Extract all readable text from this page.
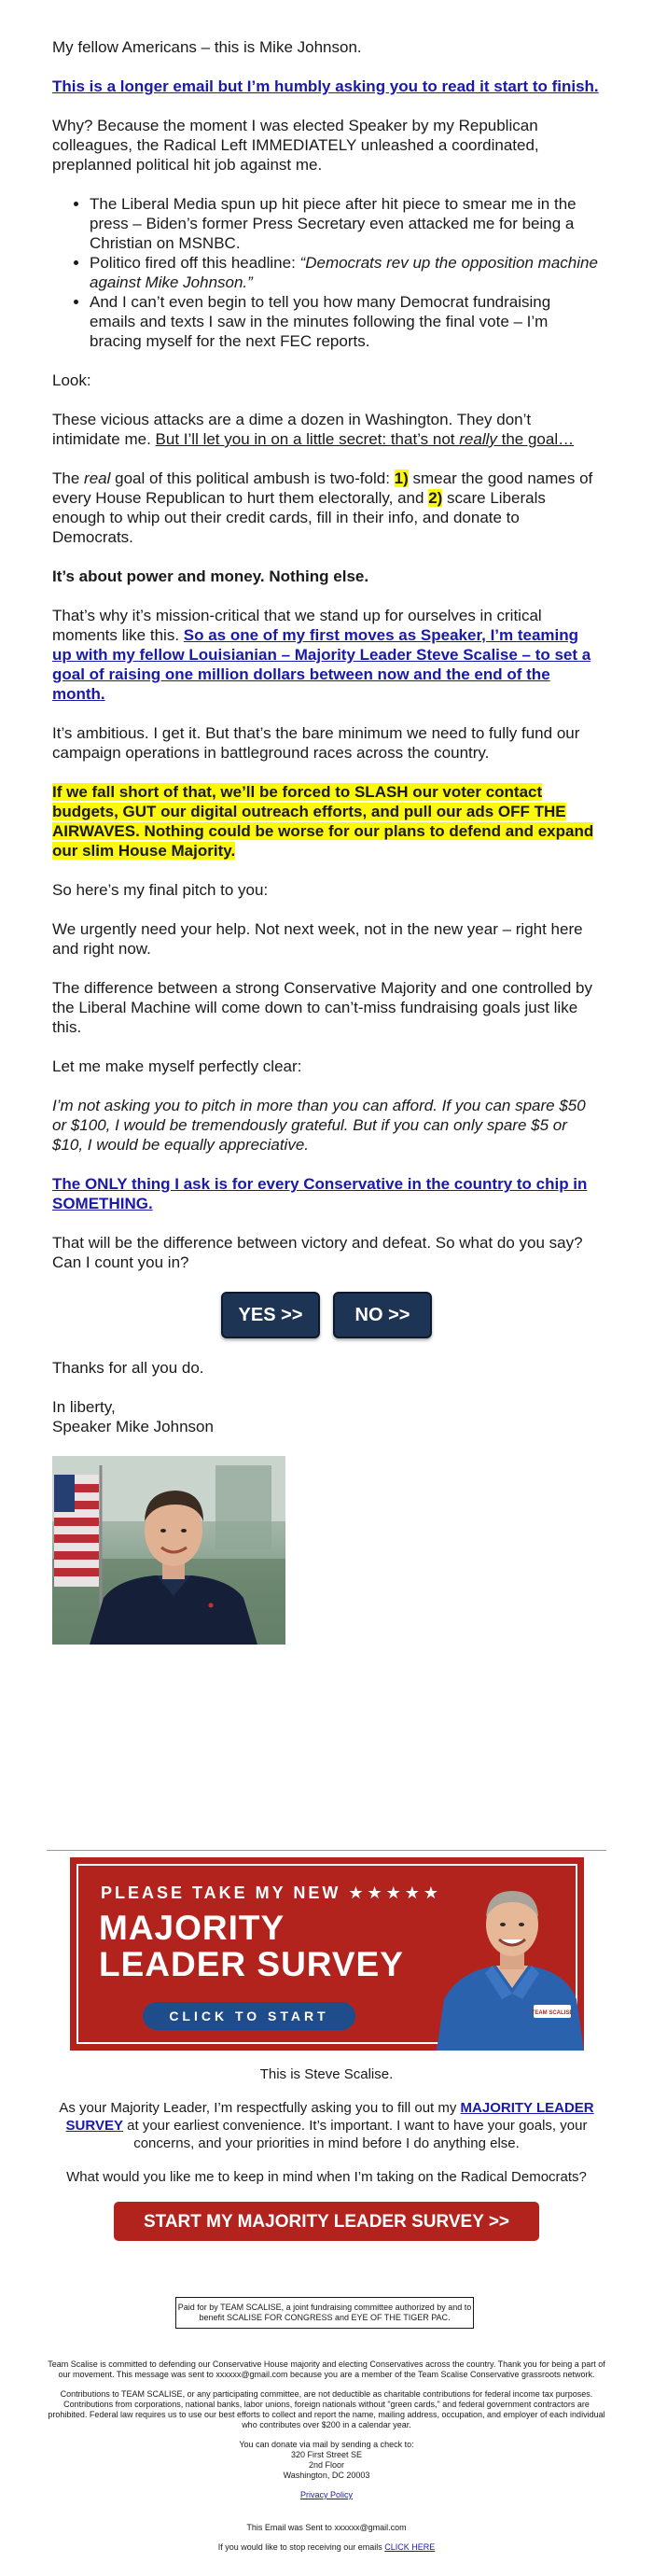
My fellow Americans – this is Mike Johnson.

This is a longer email but I’m humbly asking you to read it start to finish.

Why? Because the moment I was elected Speaker by my Republican colleagues, the Radical Left IMMEDIATELY unleashed a coordinated, preplanned political hit job against me.

• The Liberal Media spun up hit piece after hit piece to smear me in the press – Biden’s former Press Secretary even attacked me for being a Christian on MSNBC.
• Politico fired off this headline: “Democrats rev up the opposition machine against Mike Johnson.”
• And I can’t even begin to tell you how many Democrat fundraising emails and texts I saw in the minutes following the final vote – I’m bracing myself for the next FEC reports.

Look:

These vicious attacks are a dime a dozen in Washington. They don’t intimidate me. But I’ll let you in on a little secret: that’s not really the goal…

The real goal of this political ambush is two-fold: 1) smear the good names of every House Republican to hurt them electorally, and 2) scare Liberals enough to whip out their credit cards, fill in their info, and donate to Democrats.

It’s about power and money. Nothing else.

That’s why it’s mission-critical that we stand up for ourselves in critical moments like this. So as one of my first moves as Speaker, I’m teaming up with my fellow Louisianian – Majority Leader Steve Scalise – to set a goal of raising one million dollars between now and the end of the month.

It’s ambitious. I get it. But that’s the bare minimum we need to fully fund our campaign operations in battleground races across the country.

If we fall short of that, we’ll be forced to SLASH our voter contact budgets, GUT our digital outreach efforts, and pull our ads OFF THE AIRWAVES. Nothing could be worse for our plans to defend and expand our slim House Majority.

So here’s my final pitch to you:

We urgently need your help. Not next week, not in the new year – right here and right now.

The difference between a strong Conservative Majority and one controlled by the Liberal Machine will come down to can’t-miss fundraising goals just like this.

Let me make myself perfectly clear:

I’m not asking you to pitch in more than you can afford. If you can spare $50 or $100, I would be tremendously grateful. But if you can only spare $5 or $10, I would be equally appreciative.

The ONLY thing I ask is for every Conservative in the country to chip in SOMETHING.

That will be the difference between victory and defeat. So what do you say? Can I count you in?

YES >>	NO >>

Thanks for all you do.

In liberty,
Speaker Mike Johnson

PLEASE TAKE MY NEW ★★★★★
MAJORITY
LEADER SURVEY
CLICK TO START	TEAM SCALISE

This is Steve Scalise.

As your Majority Leader, I’m respectfully asking you to fill out my MAJORITY LEADER SURVEY at your earliest convenience. It’s important. I want to have your goals, your concerns, and your priorities in mind before I do anything else.

What would you like me to keep in mind when I’m taking on the Radical Democrats?

START MY MAJORITY LEADER SURVEY >>
Paid for by TEAM SCALISE, a joint fundraising committee authorized by and to benefit SCALISE FOR CONGRESS and EYE OF THE TIGER PAC.

Team Scalise is committed to defending our Conservative House majority and electing Conservatives across the country. Thank you for being a part of our movement. This message was sent to xxxxxx@gmail.com because you are a member of the Team Scalise Conservative grassroots network.

Contributions to TEAM SCALISE, or any participating committee, are not deductible as charitable contributions for federal income tax purposes. Contributions from corporations, national banks, labor unions, foreign nationals without "green cards," and federal government contractors are prohibited. Federal law requires us to use our best efforts to collect and report the name, mailing address, occupation, and employer of each individual who contributes over $200 in a calendar year.

You can donate via mail by sending a check to:
320 First Street SE
2nd Floor
Washington, DC 20003

Privacy Policy

This Email was Sent to xxxxxx@gmail.com

If you would like to stop receiving our emails CLICK HERE
